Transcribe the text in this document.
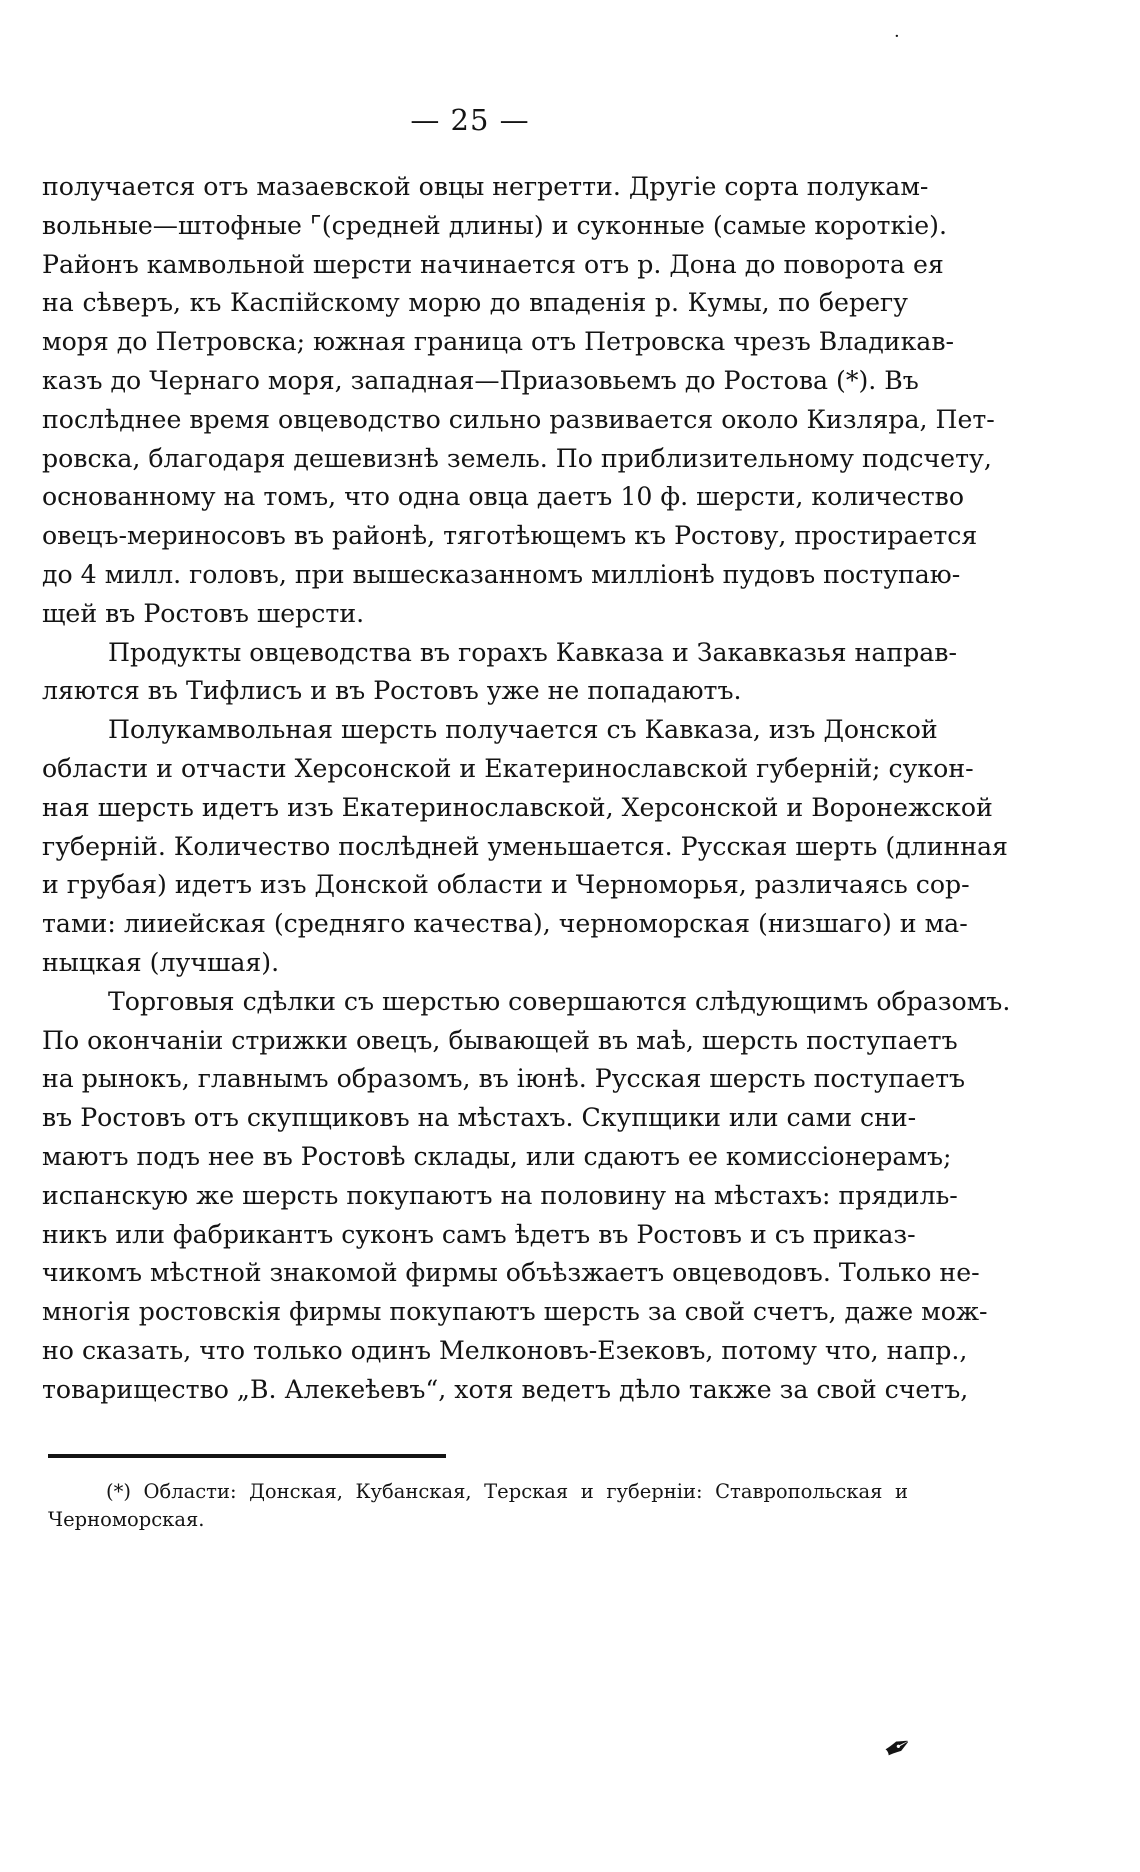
·
— 25 —
получается отъ мазаевской овцы негретти. Другіе сорта полукам-
вольные—штофные ⌜(средней длины) и суконные (самые короткіе).
Районъ камвольной шерсти начинается отъ р. Дона до поворота ея
на сѣверъ, къ Каспійскому морю до впаденія р. Кумы, по берегу
моря до Петровска; южная граница отъ Петровска чрезъ Владикав-
казъ до Чернаго моря, западная—Приазовьемъ до Ростова (*). Въ
послѣднее время овцеводство сильно развивается около Кизляра, Пет-
ровска, благодаря дешевизнѣ земель. По приблизительному подсчету,
основанному на томъ, что одна овца даетъ 10 ф. шерсти, количество
овецъ-мериносовъ въ районѣ, тяготѣющемъ къ Ростову, простирается
до 4 милл. головъ, при вышесказанномъ милліонѣ пудовъ поступаю-
щей въ Ростовъ шерсти.
Продукты овцеводства въ горахъ Кавказа и Закавказья направ-
ляются въ Тифлисъ и въ Ростовъ уже не попадаютъ.
Полукамвольная шерсть получается съ Кавказа, изъ Донской
области и отчасти Херсонской и Екатеринославской губерній; сукон-
ная шерсть идетъ изъ Екатеринославской, Херсонской и Воронежской
губерній. Количество послѣдней уменьшается. Русская шерть (длинная
и грубая) идетъ изъ Донской области и Черноморья, различаясь сор-
тами: лииейская (средняго качества), черноморская (низшаго) и ма-
ныцкая (лучшая).
Торговыя сдѣлки съ шерстью совершаются слѣдующимъ образомъ.
По окончаніи стрижки овецъ, бывающей въ маѣ, шерсть поступаетъ
на рынокъ, главнымъ образомъ, въ іюнѣ. Русская шерсть поступаетъ
въ Ростовъ отъ скупщиковъ на мѣстахъ. Скупщики или сами сни-
маютъ подъ нее въ Ростовѣ склады, или сдаютъ ее комиссіонерамъ;
испанскую же шерсть покупаютъ на половину на мѣстахъ: прядиль-
никъ или фабрикантъ суконъ самъ ѣдетъ въ Ростовъ и съ приказ-
чикомъ мѣстной знакомой фирмы объѣзжаетъ овцеводовъ. Только не-
многія ростовскія фирмы покупаютъ шерсть за свой счетъ, даже мож-
но сказать, что только одинъ Мелконовъ-Езековъ, потому что, напр.,
товарищество „В. Алекеѣевъ“, хотя ведетъ дѣло также за свой счетъ,
(*) Области: Донская, Кубанская, Терская и губерніи: Ставропольская и
Черноморская.
✒
